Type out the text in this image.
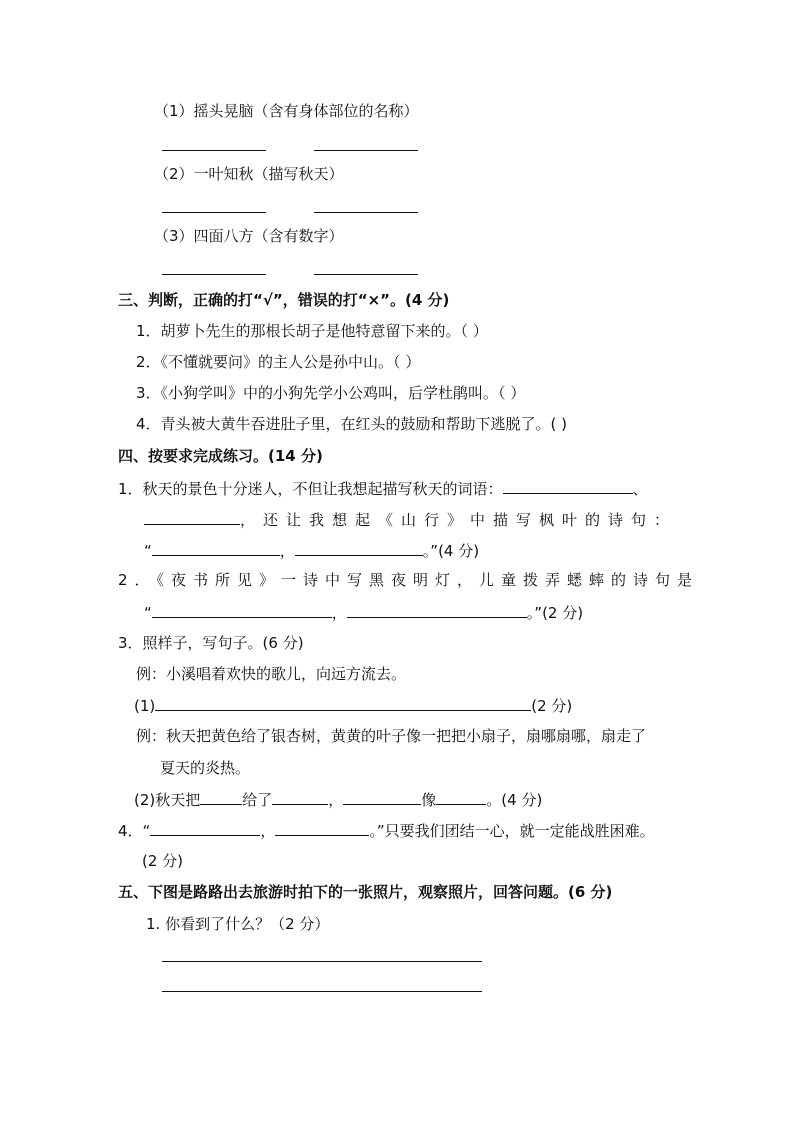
（1）摇头晃脑（含有身体部位的名称）
（2）一叶知秋（描写秋天）
（3）四面八方（含有数字）
三、判断，正确的打“√”，错误的打“×”。(4 分)
1．胡萝卜先生的那根长胡子是他特意留下来的。（ ）
2．《不懂就要问》的主人公是孙中山。（ ）
3．《小狗学叫》中的小狗先学小公鸡叫，后学杜鹃叫。（ ）
4．青头被大黄牛吞进肚子里，在红头的鼓励和帮助下逃脱了。( )
四、按要求完成练习。(14 分)
1．秋天的景色十分迷人，不但让我想起描写秋天的词语：	、
，还让我想起《山行》中描写枫叶的诗句：
“	，	。”(4 分)
2．《夜书所见》一诗中写黑夜明灯，儿童拨弄蟋蟀的诗句是
“	，	。”(2 分)
3．照样子，写句子。(6 分)
例：小溪唱着欢快的歌儿，向远方流去。
(1)	(2 分)
例：秋天把黄色给了银杏树，黄黄的叶子像一把把小扇子，扇哪扇哪，扇走了
夏天的炎热。
(2)秋天把	给了	，	像	。(4 分)
4．“	，	。”只要我们团结一心，就一定能战胜困难。
(2 分)
五、下图是路路出去旅游时拍下的一张照片，观察照片，回答问题。(6 分)
1. 你看到了什么？（2 分）
